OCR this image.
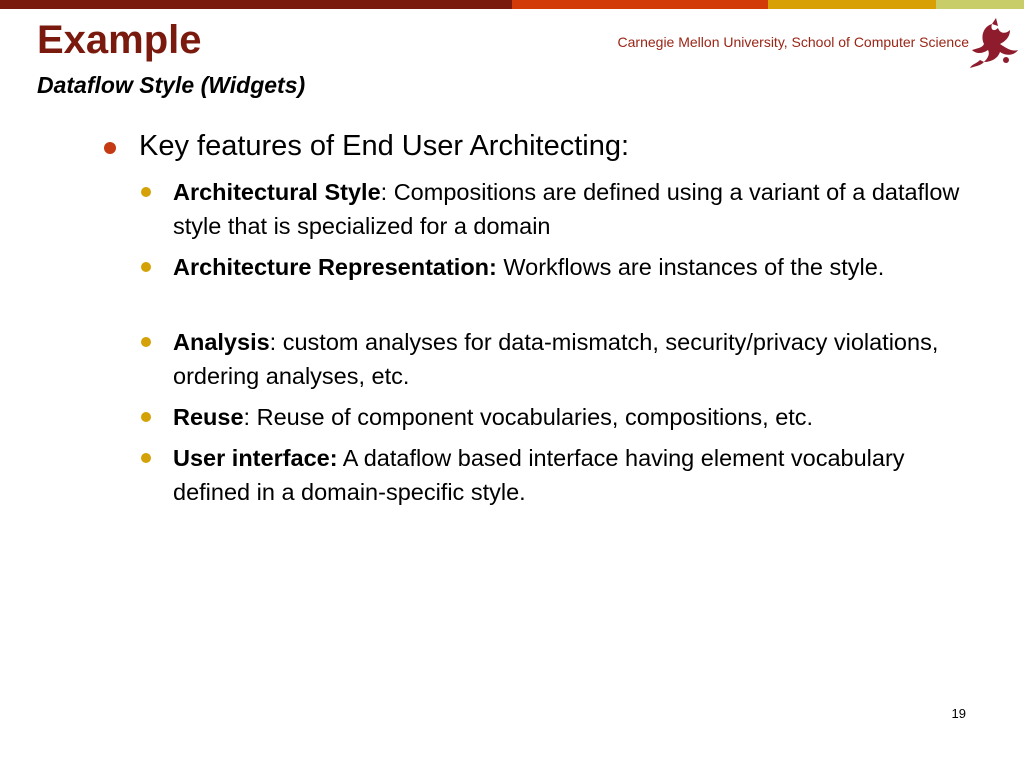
Example
Dataflow Style (Widgets)
Carnegie Mellon University, School of Computer Science
Key features of End User Architecting:
Architectural Style: Compositions are defined using a variant of a dataflow style that is specialized for a domain
Architecture Representation: Workflows are instances of the style.
Analysis: custom analyses for data-mismatch, security/privacy violations, ordering analyses, etc.
Reuse: Reuse of component vocabularies, compositions, etc.
User interface: A dataflow based interface having element vocabulary defined in a domain-specific style.
19
